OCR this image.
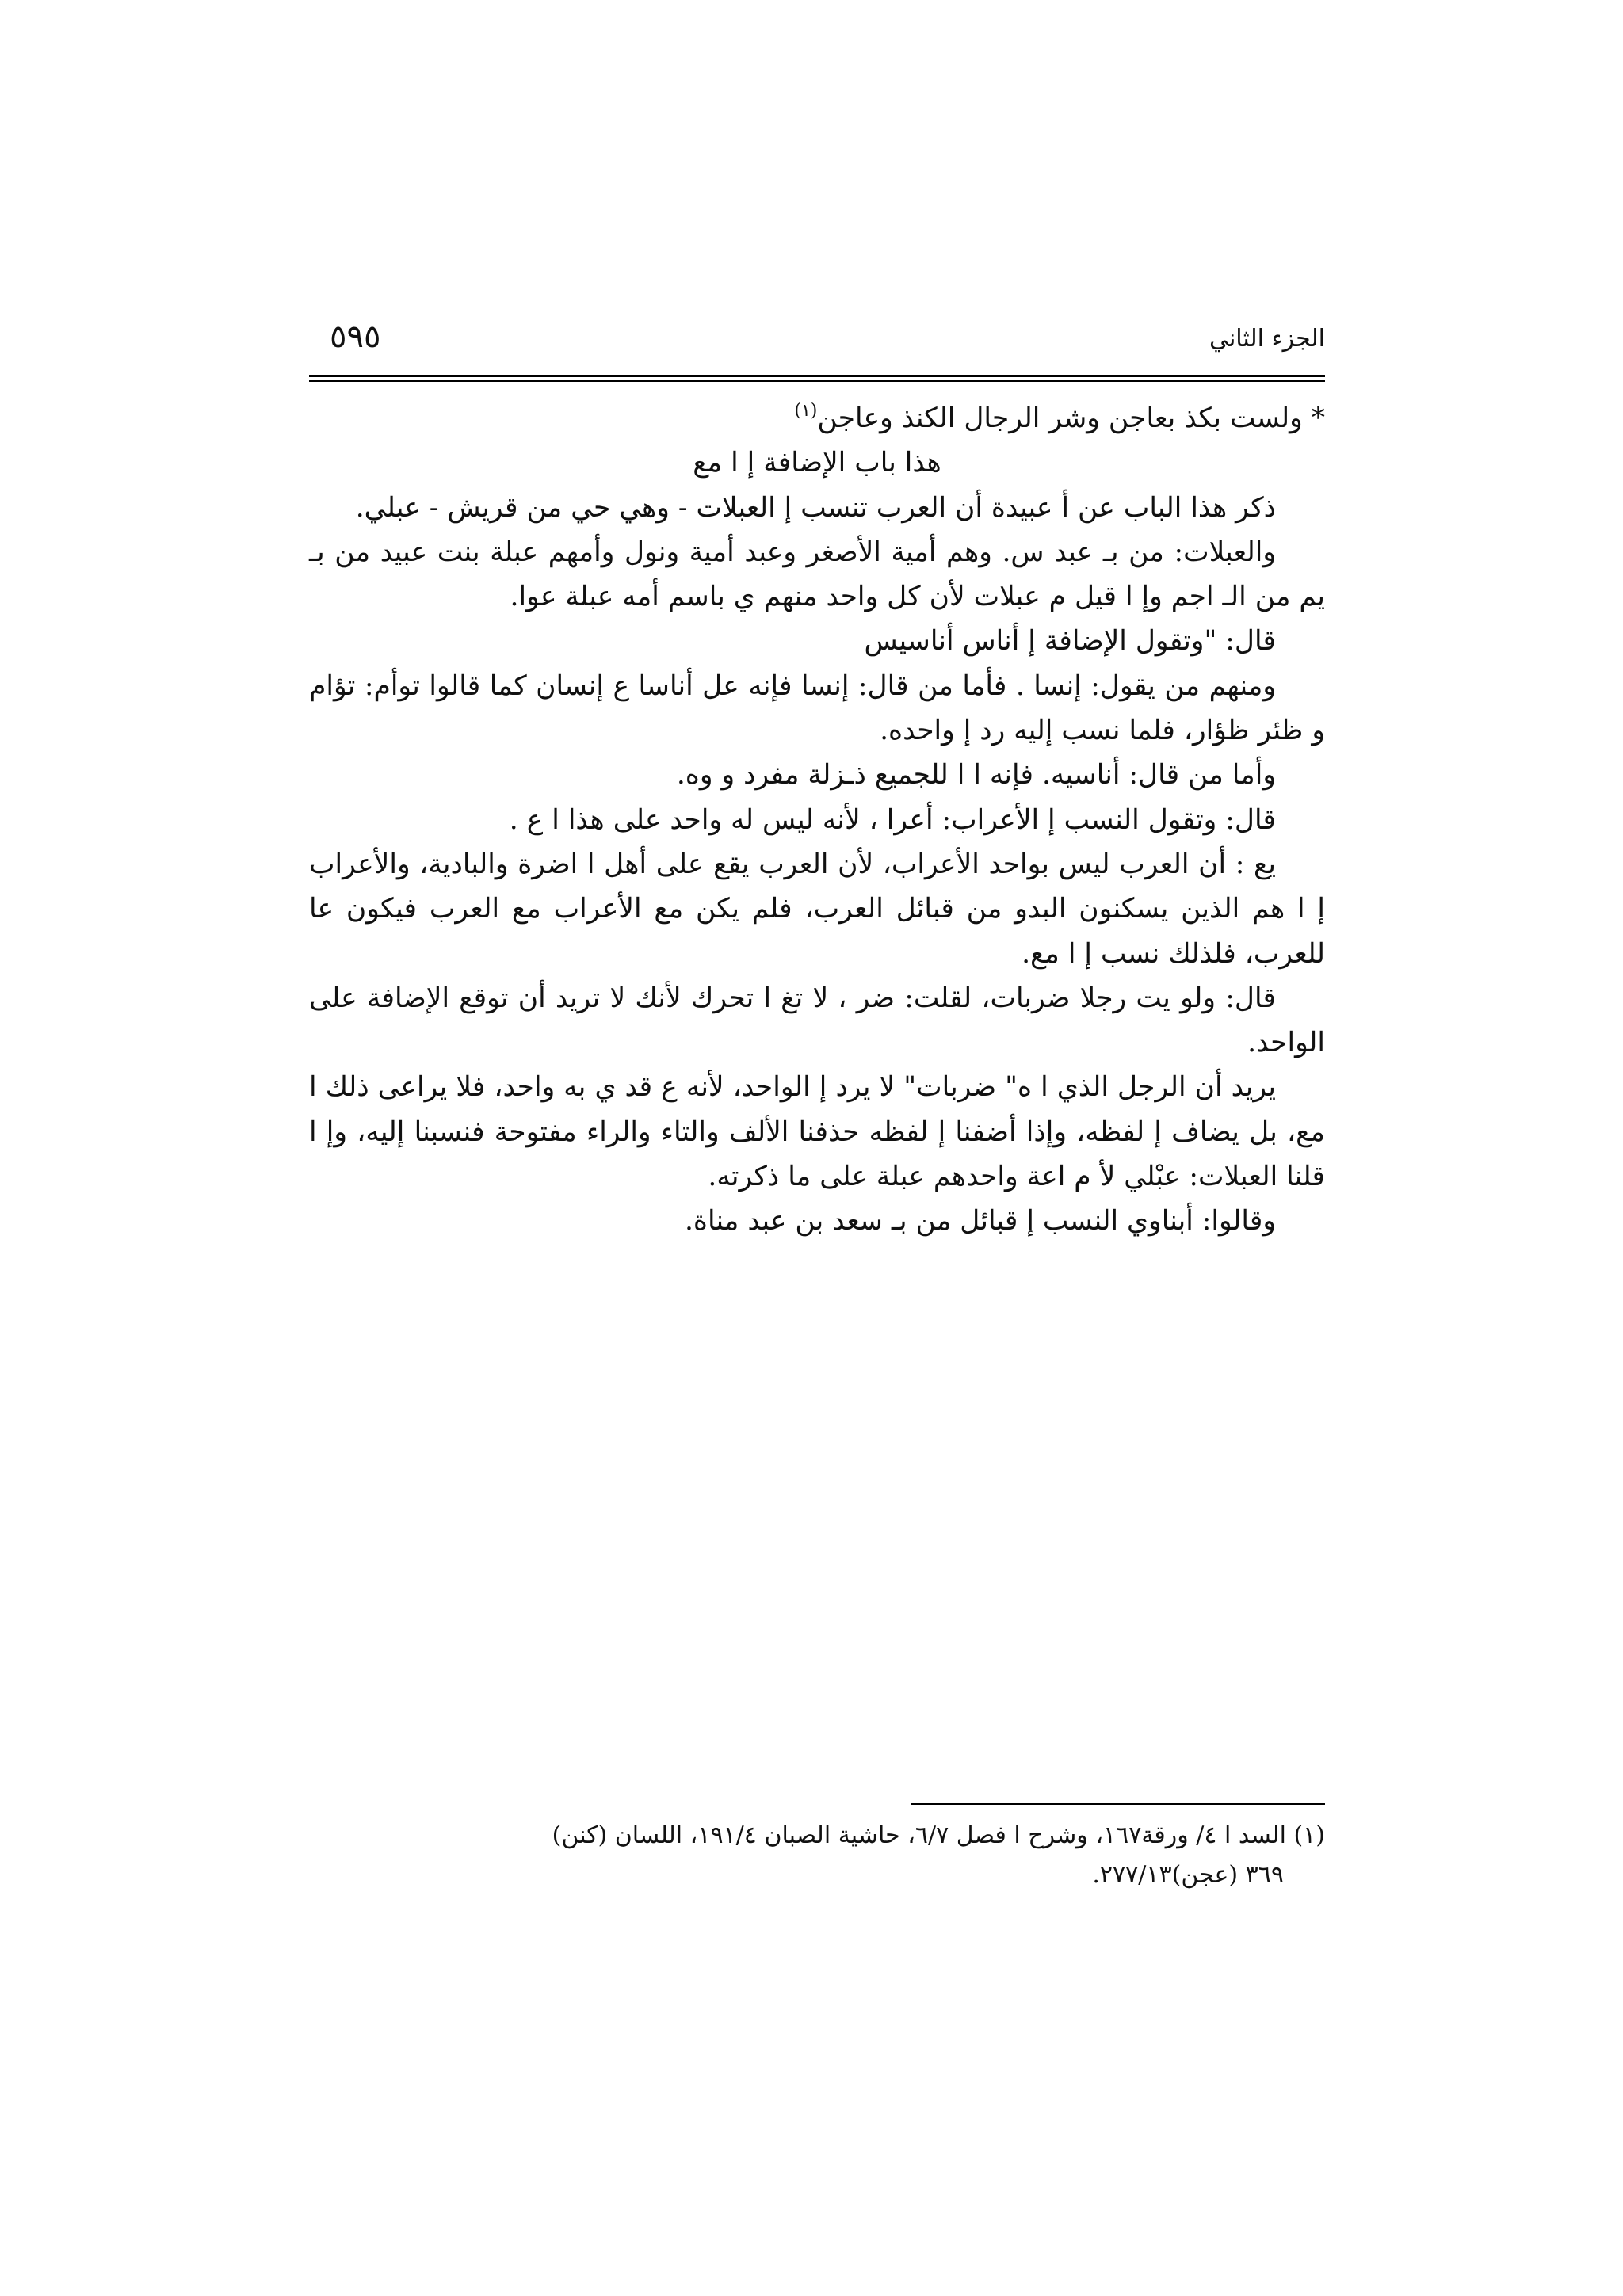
الجزء الثاني
٥٩٥

* ولست بكذ بعاجن وشر الرجال الكنذ وعاجن$^{(١)}$

هذا باب الإضافة إ ا مع

ذكر هذا الباب عن أ عبيدة أن العرب تنسب إ العبلات - وهي حي من قريش - عبلي.

والعبلات: من بـ عبد س. وهم أمية الأصغر وعبد أمية ونول وأمهم عبلة بنت عبيد من بـ يم من الـ اجم وإ ا قيل م عبلات لأن كل واحد منهم ي باسم أمه عبلة عوا.

قال: "وتقول الإضافة إ أناس أناسيس

ومنهم من يقول: إنسا . فأما من قال: إنسا فإنه عل أناسا ع إنسان كما قالوا توأم: تؤام و ظئر ظؤار، فلما نسب إليه رد إ واحده.

وأما من قال: أناسيه. فإنه ا ا للجميع ذـزلة مفرد و وه.

قال: وتقول النسب إ الأعراب: أعرا ، لأنه ليس له واحد على هذا ا ع .

يع : أن العرب ليس بواحد الأعراب، لأن العرب يقع على أهل ا اضرة والبادية، والأعراب إ ا هم الذين يسكنون البدو من قبائل العرب، فلم يكن مع الأعراب مع العرب فيكون عا للعرب، فلذلك نسب إ ا مع.

قال: ولو يت رجلا ضربات، لقلت: ضر ، لا تغ ا تحرك لأنك لا تريد أن توقع الإضافة على الواحد.

يريد أن الرجل الذي ا ه" ضربات" لا يرد إ الواحد، لأنه ع قد ي به واحد، فلا يراعى ذلك ا مع، بل يضاف إ لفظه، وإذا أضفنا إ لفظه حذفنا الألف والتاء والراء مفتوحة فنسبنا إليه، وإ ا قلنا العبلات: عبْلي لأ م اعة واحدهم عبلة على ما ذكرته.

وقالوا: أبناوي النسب إ قبائل من بـ سعد بن عبد مناة.

(١) السد ا ٤/ ورقة١٦٧، وشرح ا فصل ٦/٧، حاشية الصبان ١٩١/٤، اللسان (كنن)

٣٦٩ (عجن)٢٧٧/١٣.
